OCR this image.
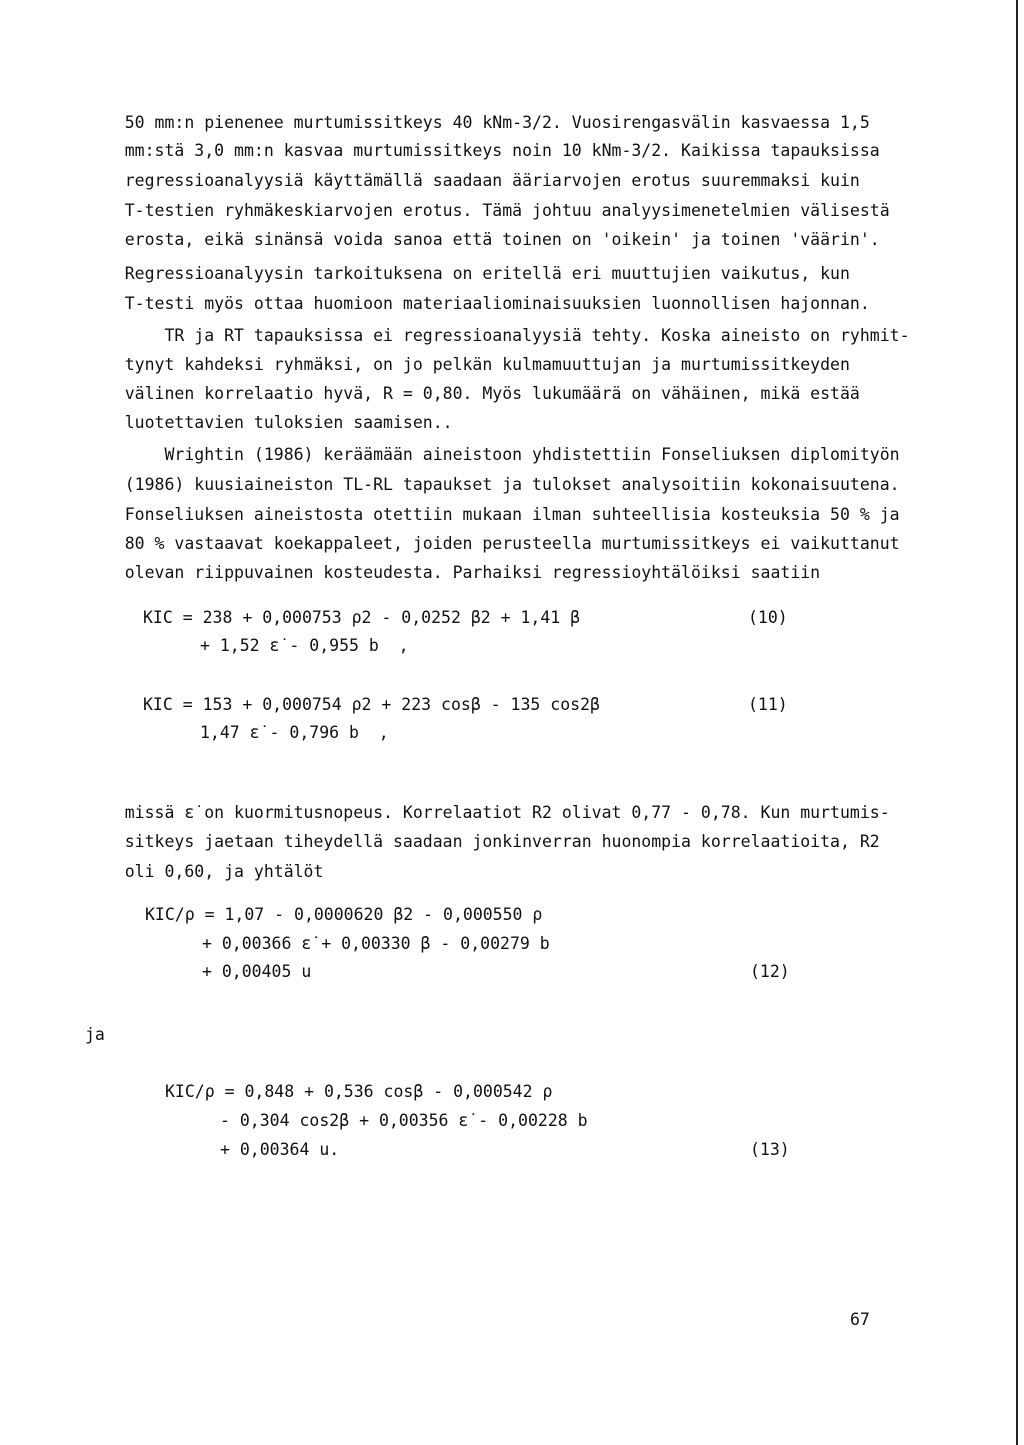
50 mm:n pienenee murtumissitkeys 40 kNm-3/2. Vuosirengasvälin kasvaessa 1,5

mm:stä 3,0 mm:n kasvaa murtumissitkeys noin 10 kNm-3/2. Kaikissa tapauksissa

regressioanalyysiä käyttämällä saadaan ääriarvojen erotus suuremmaksi kuin

T-testien ryhmäkeskiarvojen erotus. Tämä johtuu analyysimenetelmien välisestä

erosta, eikä sinänsä voida sanoa että toinen on 'oikein' ja toinen 'väärin'.

Regressioanalyysin tarkoituksena on eritellä eri muuttujien vaikutus, kun

T-testi myös ottaa huomioon materiaaliominaisuuksien luonnollisen hajonnan.

TR ja RT tapauksissa ei regressioanalyysiä tehty. Koska aineisto on ryhmit-

tynyt kahdeksi ryhmäksi, on jo pelkän kulmamuuttujan ja murtumissitkeyden

välinen korrelaatio hyvä, R = 0,80. Myös lukumäärä on vähäinen, mikä estää

luotettavien tuloksien saamisen..

Wrightin (1986) keräämään aineistoon yhdistettiin Fonseliuksen diplomityön

(1986) kuusiaineiston TL-RL tapaukset ja tulokset analysoitiin kokonaisuutena.

Fonseliuksen aineistosta otettiin mukaan ilman suhteellisia kosteuksia 50 % ja

80 % vastaavat koekappaleet, joiden perusteella murtumissitkeys ei vaikuttanut

olevan riippuvainen kosteudesta. Parhaiksi regressioyhtälöiksi saatiin

KIC = 238 + 0,000753 ρ2 - 0,0252 β2 + 1,41 β
+ 1,52 ε̇ - 0,955 b  ,
(10)
KIC = 153 + 0,000754 ρ2 + 223 cosβ - 135 cos2β
1,47 ε̇ - 0,796 b  ,
(11)

missä ε̇ on kuormitusnopeus. Korrelaatiot R2 olivat 0,77 - 0,78. Kun murtumis-

sitkeys jaetaan tiheydellä saadaan jonkinverran huonompia korrelaatioita, R2

oli 0,60, ja yhtälöt

KIC/ρ = 1,07 - 0,0000620 β2 - 0,000550 ρ
+ 0,00366 ε̇ + 0,00330 β - 0,00279 b
+ 0,00405 u	(12)
ja
KIC/ρ = 0,848 + 0,536 cosβ - 0,000542 ρ
- 0,304 cos2β + 0,00356 ε̇ - 0,00228 b
+ 0,00364 u.	(13)
67
